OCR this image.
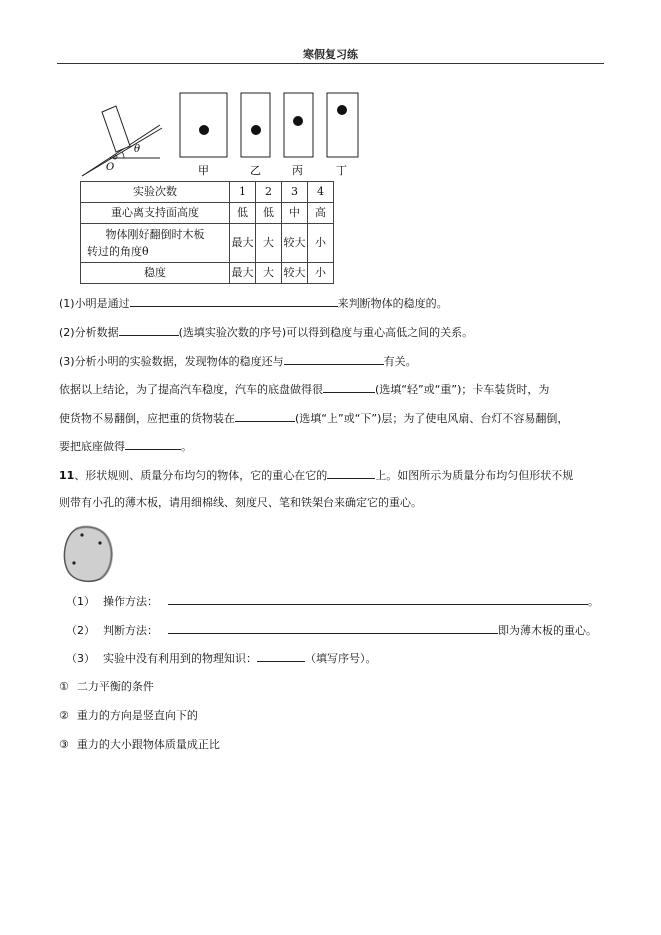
寒假复习练
θ
O	甲	乙	丙	丁
实验次数	1	2	3	4
重心离支持面高度	低	低	中	高

物体刚好翻倒时木板
转过的角度θ	最大	大	较大	小
稳度	最大	大	较大	小
(1)小明是通过	来判断物体的稳度的。
(2)分析数据	(选填实验次数的序号)可以得到稳度与重心高低之间的关系。
(3)分析小明的实验数据，发现物体的稳度还与	有关。
依据以上结论，为了提高汽车稳度，汽车的底盘做得很	(选填“轻”或“重”)；卡车装货时，为
使货物不易翻倒，应把重的货物装在	(选填“上”或“下”)层；为了使电风扇、台灯不容易翻倒，
要把底座做得	。
11、形状规则、质量分布均匀的物体，它的重心在它的	上。如图所示为质量分布均匀但形状不规
则带有小孔的薄木板，请用细棉线、刻度尺、笔和铁架台来确定它的重心。
（1） 操作方法：	。
（2） 判断方法：	即为薄木板的重心。
（3） 实验中没有利用到的物理知识：	（填写序号）。
① 二力平衡的条件
② 重力的方向是竖直向下的
③ 重力的大小跟物体质量成正比
